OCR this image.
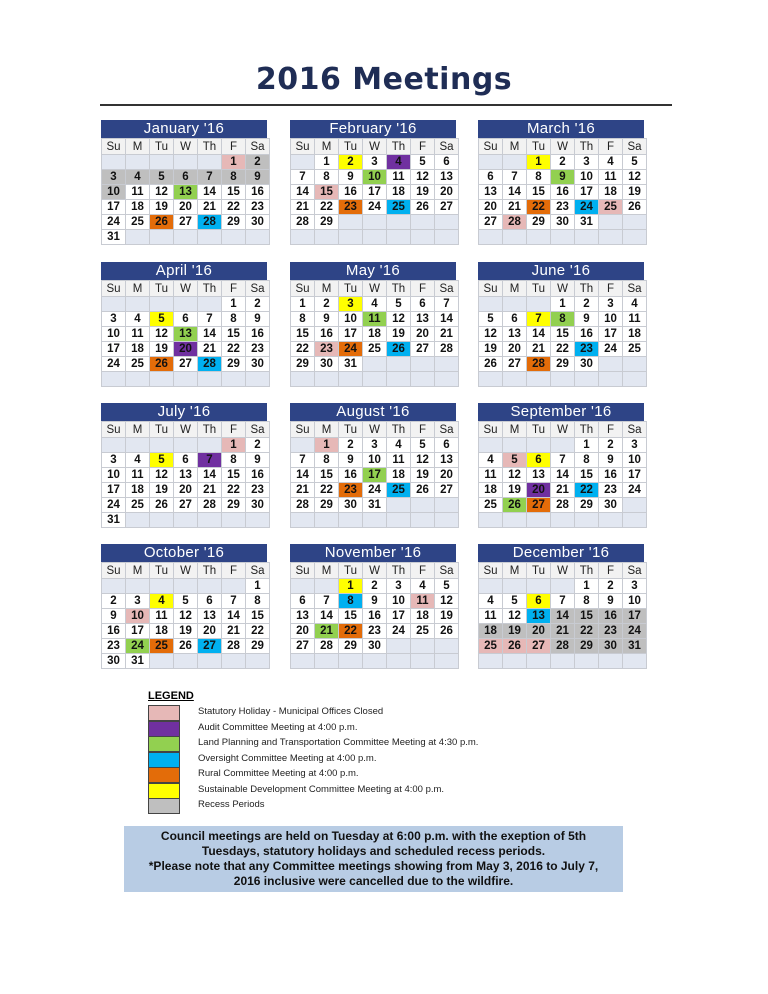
2016 Meetings
January '16
Su	M	Tu	W	Th	F	Sa
					1	2
3	4	5	6	7	8	9
10	11	12	13	14	15	16
17	18	19	20	21	22	23
24	25	26	27	28	29	30
31						
February '16
Su	M	Tu	W	Th	F	Sa
	1	2	3	4	5	6
7	8	9	10	11	12	13
14	15	16	17	18	19	20
21	22	23	24	25	26	27
28	29					

March '16
Su	M	Tu	W	Th	F	Sa
		1	2	3	4	5
6	7	8	9	10	11	12
13	14	15	16	17	18	19
20	21	22	23	24	25	26
27	28	29	30	31		

April '16
Su	M	Tu	W	Th	F	Sa
					1	2
3	4	5	6	7	8	9
10	11	12	13	14	15	16
17	18	19	20	21	22	23
24	25	26	27	28	29	30

May '16
Su	M	Tu	W	Th	F	Sa
1	2	3	4	5	6	7
8	9	10	11	12	13	14
15	16	17	18	19	20	21
22	23	24	25	26	27	28
29	30	31				

June '16
Su	M	Tu	W	Th	F	Sa
			1	2	3	4
5	6	7	8	9	10	11
12	13	14	15	16	17	18
19	20	21	22	23	24	25
26	27	28	29	30		

July '16
Su	M	Tu	W	Th	F	Sa
					1	2
3	4	5	6	7	8	9
10	11	12	13	14	15	16
17	18	19	20	21	22	23
24	25	26	27	28	29	30
31						
August '16
Su	M	Tu	W	Th	F	Sa
	1	2	3	4	5	6
7	8	9	10	11	12	13
14	15	16	17	18	19	20
21	22	23	24	25	26	27
28	29	30	31			

September '16
Su	M	Tu	W	Th	F	Sa
				1	2	3
4	5	6	7	8	9	10
11	12	13	14	15	16	17
18	19	20	21	22	23	24
25	26	27	28	29	30	

October '16
Su	M	Tu	W	Th	F	Sa
						1
2	3	4	5	6	7	8
9	10	11	12	13	14	15
16	17	18	19	20	21	22
23	24	25	26	27	28	29
30	31					
November '16
Su	M	Tu	W	Th	F	Sa
		1	2	3	4	5
6	7	8	9	10	11	12
13	14	15	16	17	18	19
20	21	22	23	24	25	26
27	28	29	30			

December '16
Su	M	Tu	W	Th	F	Sa
				1	2	3
4	5	6	7	8	9	10
11	12	13	14	15	16	17
18	19	20	21	22	23	24
25	26	27	28	29	30	31

LEGEND
Statutory Holiday - Municipal Offices Closed
Audit Committee Meeting at 4:00 p.m.
Land Planning and Transportation Committee Meeting at 4:30 p.m.
Oversight Committee Meeting at 4:00 p.m.
Rural Committee Meeting at 4:00 p.m.
Sustainable Development Committee Meeting at 4:00 p.m.
Recess Periods
Council meetings are held on Tuesday at 6:00 p.m. with the exeption of 5th
Tuesdays, statutory holidays and scheduled recess periods.
*Please note that any Committee meetings showing from May 3, 2016 to July 7,
2016 inclusive were cancelled due to the wildfire.
